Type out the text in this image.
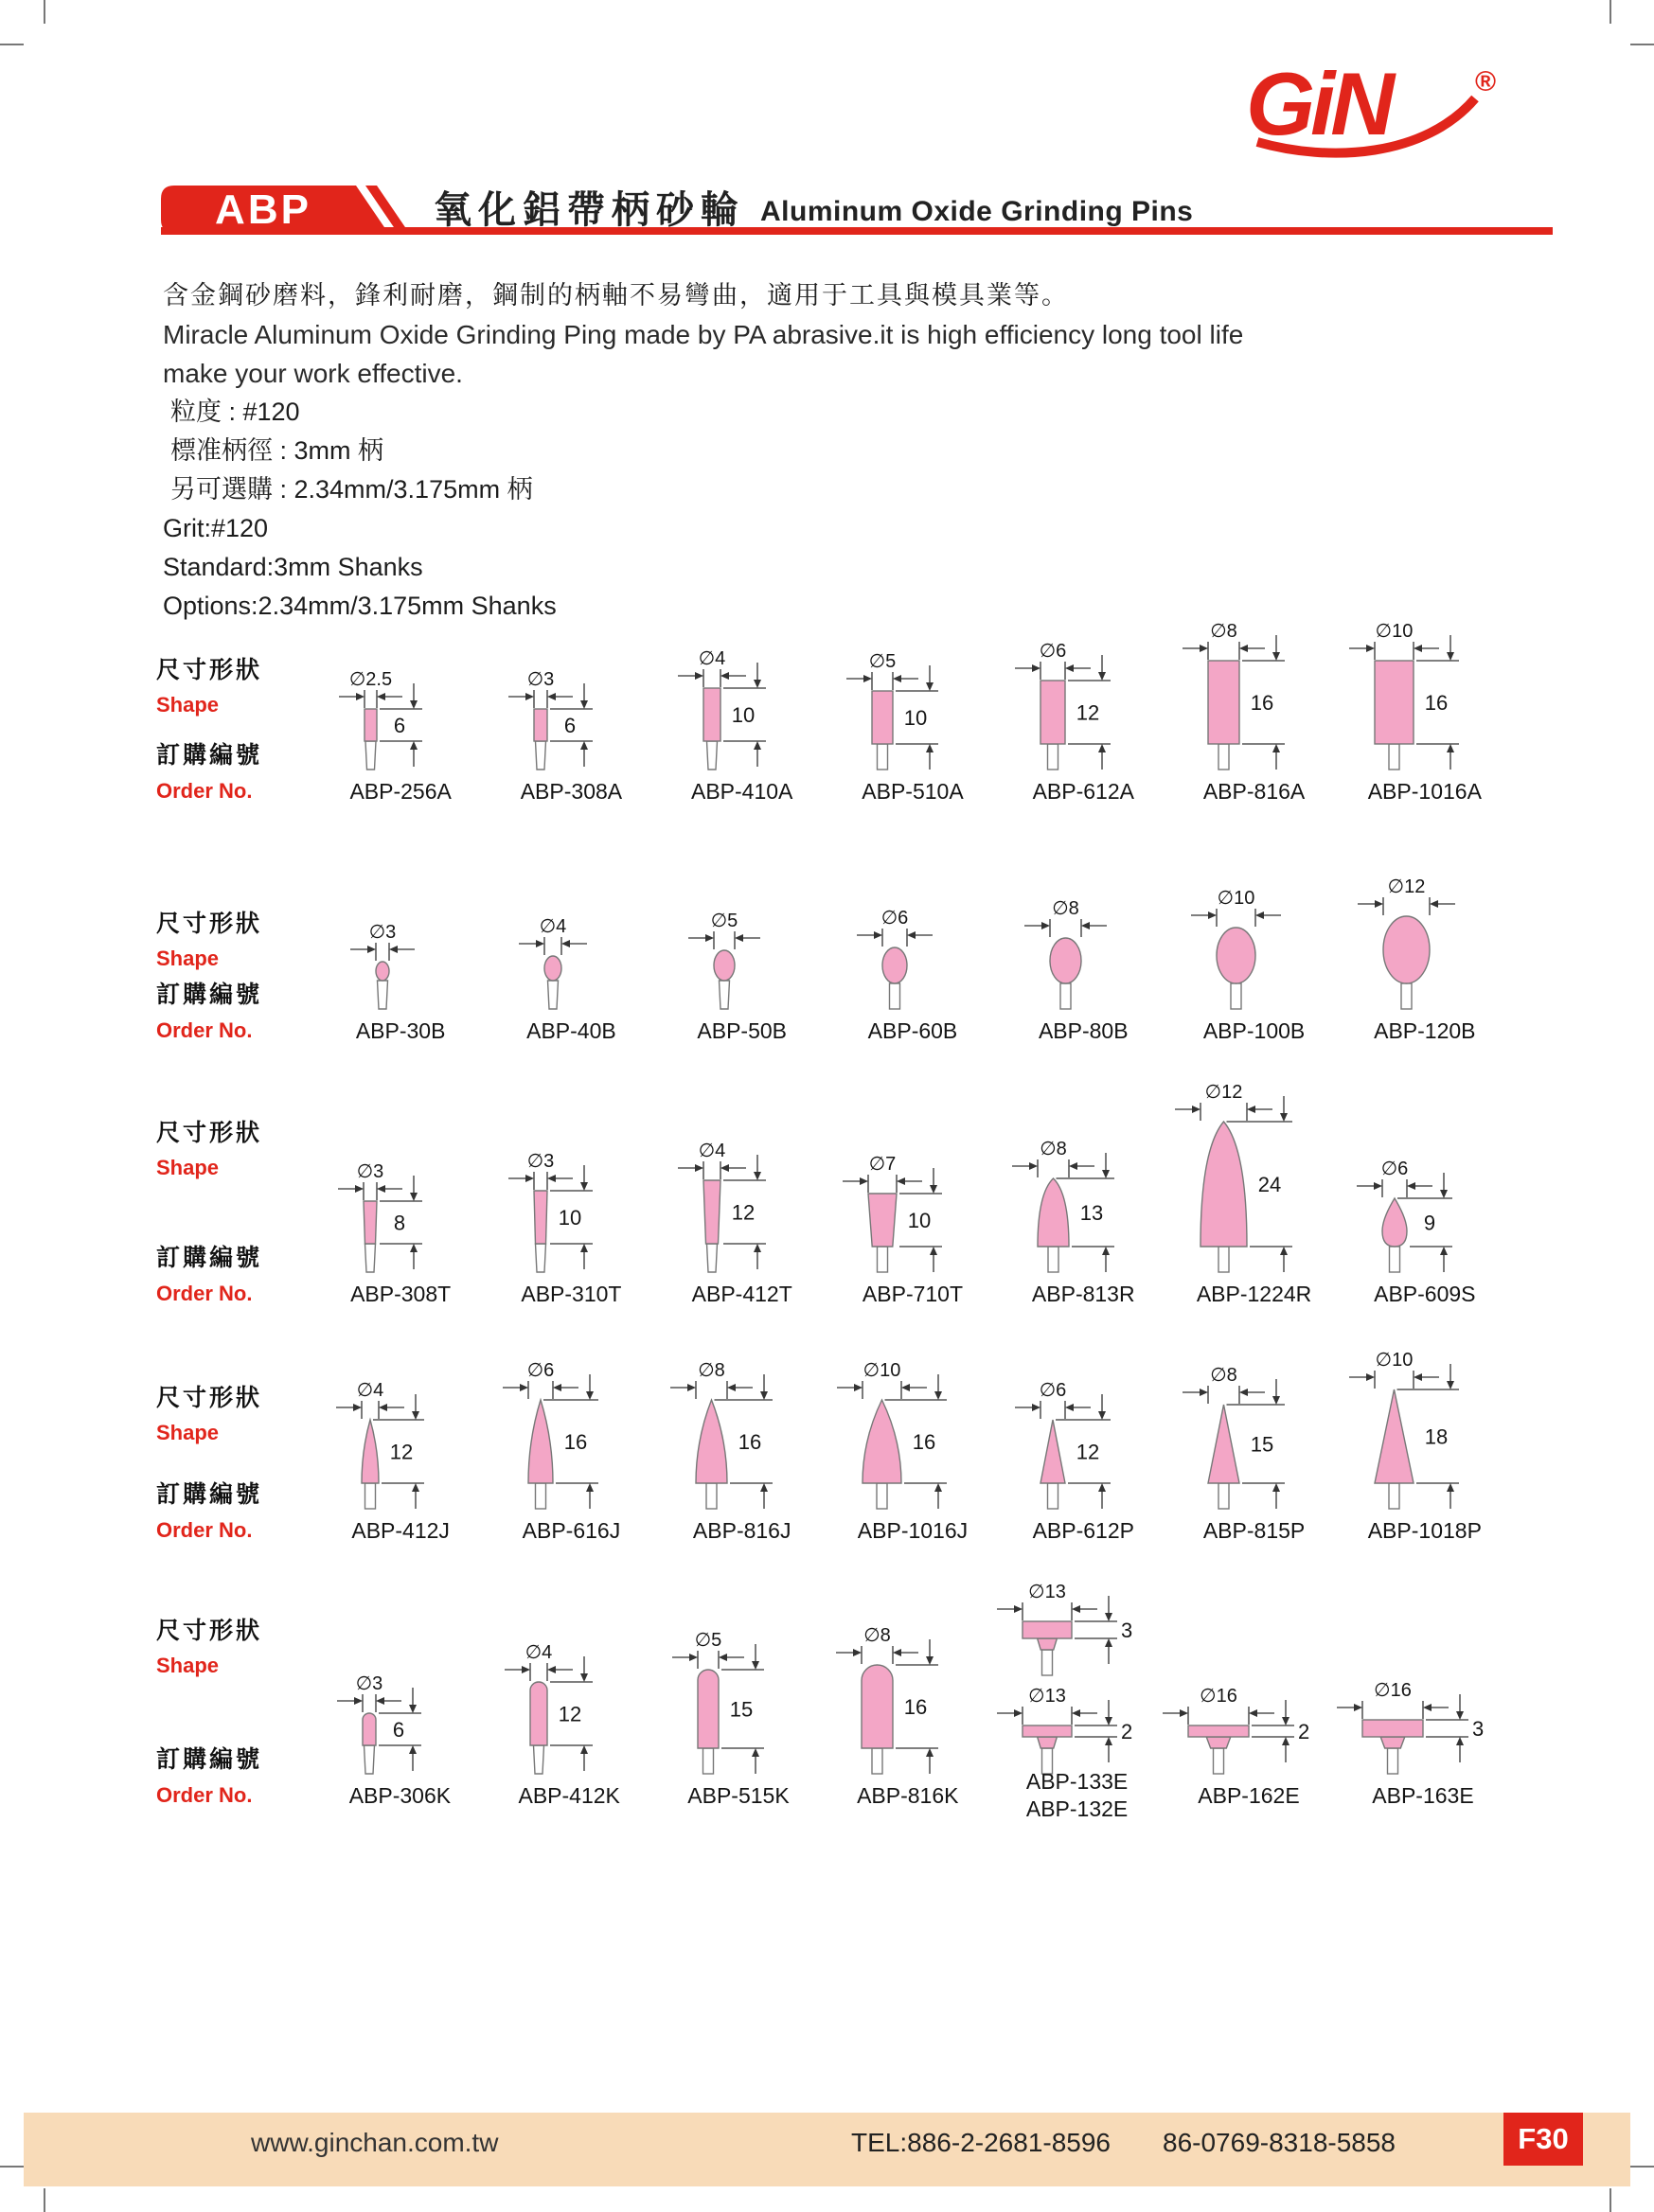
GiN	®
ABP	氧化鋁帶柄砂輪 Aluminum Oxide Grinding Pins
含金鋼砂磨料，鋒利耐磨，鋼制的柄軸不易彎曲，適用于工具與模具業等。
Miracle Aluminum Oxide Grinding Ping made by PA abrasive.it is high efficiency long tool life
make your work effective.
粒度 : #120
標准柄徑 : 3mm 柄
另可選購 : 2.34mm/3.175mm 柄
Grit:#120
Standard:3mm Shanks
Options:2.34mm/3.175mm Shanks
尺寸形狀
Shape
訂購編號
Order No.
∅2.5
6
ABP-256A
∅3
6
ABP-308A
∅4
10
ABP-410A
∅5
10
ABP-510A
∅6
12
ABP-612A
∅8
16
ABP-816A
∅10
16
ABP-1016A
尺寸形狀
Shape
訂購編號
Order No.
∅3
ABP-30B
∅4
ABP-40B
∅5
ABP-50B
∅6
ABP-60B
∅8
ABP-80B
∅10
ABP-100B
∅12
ABP-120B
尺寸形狀
Shape
訂購編號
Order No.
∅3
8
ABP-308T
∅3
10
ABP-310T
∅4
12
ABP-412T
∅7
10
ABP-710T
∅8
13
ABP-813R
∅12
24
ABP-1224R
∅6
9
ABP-609S
尺寸形狀
Shape
訂購編號
Order No.
∅4
12
ABP-412J
∅6
16
ABP-616J
∅8
16
ABP-816J
∅10
16
ABP-1016J
∅6
12
ABP-612P
∅8
15
ABP-815P
∅10
18
ABP-1018P
尺寸形狀
Shape
訂購編號
Order No.
∅3
6
ABP-306K
∅4
12
ABP-412K
∅5
15
ABP-515K
∅8
16
ABP-816K
∅13
3
∅13
2
ABP-133E
ABP-132E
∅16
2
ABP-162E
∅16
3
ABP-163E
www.ginchan.com.tw	TEL:886-2-2681-8596 86-0769-8318-5858	F30
